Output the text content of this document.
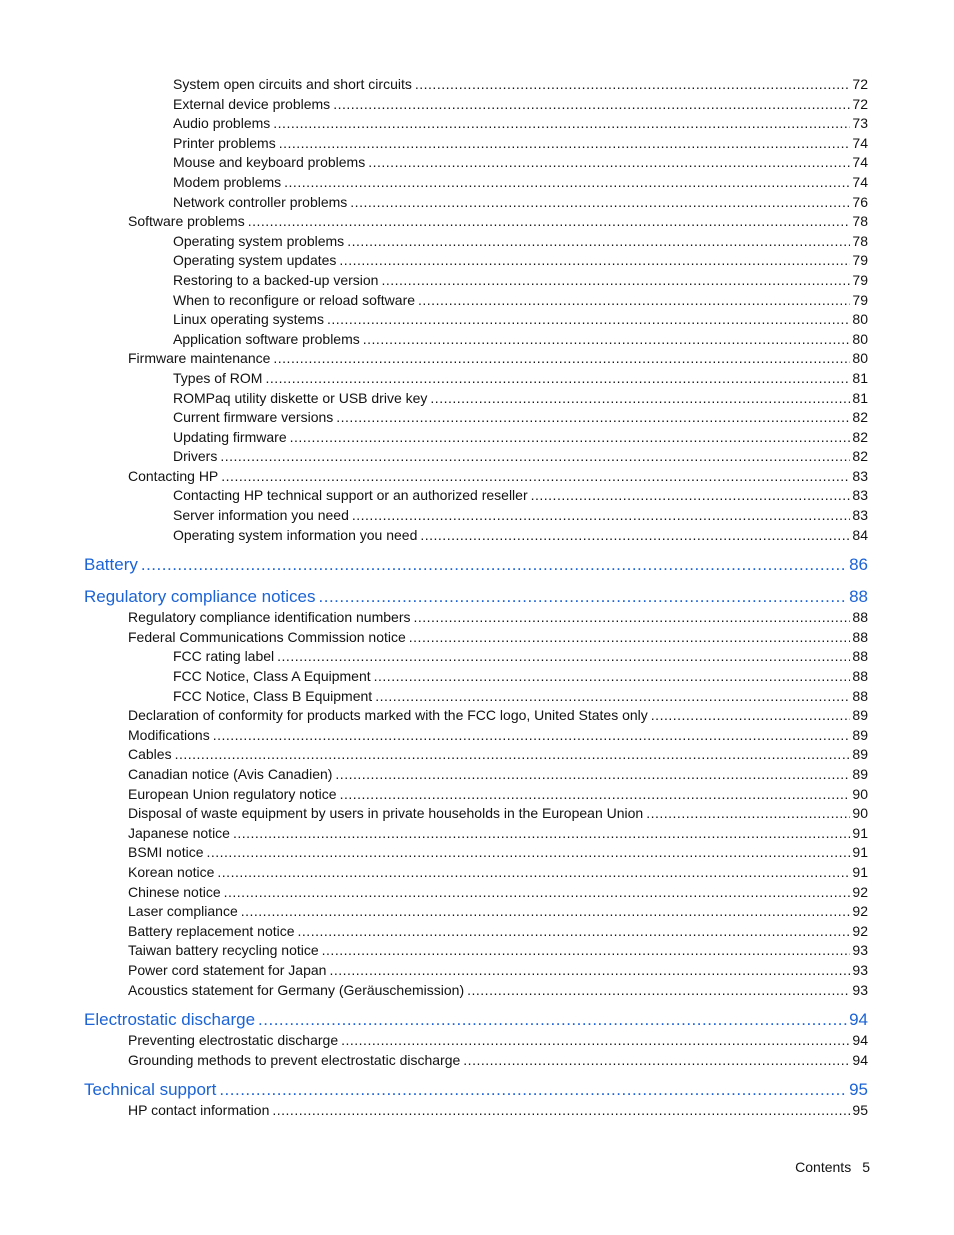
System open circuits and short circuits .....	72
External device problems .....	72
Audio problems .....	73
Printer problems .....	74
Mouse and keyboard problems .....	74
Modem problems .....	74
Network controller problems .....	76
Software problems .....	78
Operating system problems .....	78
Operating system updates .....	79
Restoring to a backed-up version .....	79
When to reconfigure or reload software .....	79
Linux operating systems .....	80
Application software problems .....	80
Firmware maintenance .....	80
Types of ROM .....	81
ROMPaq utility diskette or USB drive key .....	81
Current firmware versions .....	82
Updating firmware .....	82
Drivers .....	82
Contacting HP .....	83
Contacting HP technical support or an authorized reseller .....	83
Server information you need .....	83
Operating system information you need .....	84
Battery .....	86
Regulatory compliance notices .....	88
Regulatory compliance identification numbers .....	88
Federal Communications Commission notice .....	88
FCC rating label .....	88
FCC Notice, Class A Equipment .....	88
FCC Notice, Class B Equipment .....	88
Declaration of conformity for products marked with the FCC logo, United States only .....	89
Modifications .....	89
Cables .....	89
Canadian notice (Avis Canadien) .....	89
European Union regulatory notice .....	90
Disposal of waste equipment by users in private households in the European Union .....	90
Japanese notice .....	91
BSMI notice .....	91
Korean notice .....	91
Chinese notice .....	92
Laser compliance .....	92
Battery replacement notice .....	92
Taiwan battery recycling notice .....	93
Power cord statement for Japan .....	93
Acoustics statement for Germany (Geräuschemission) .....	93
Electrostatic discharge .....	94
Preventing electrostatic discharge .....	94
Grounding methods to prevent electrostatic discharge .....	94
Technical support .....	95
HP contact information .....	95
Contents 5
